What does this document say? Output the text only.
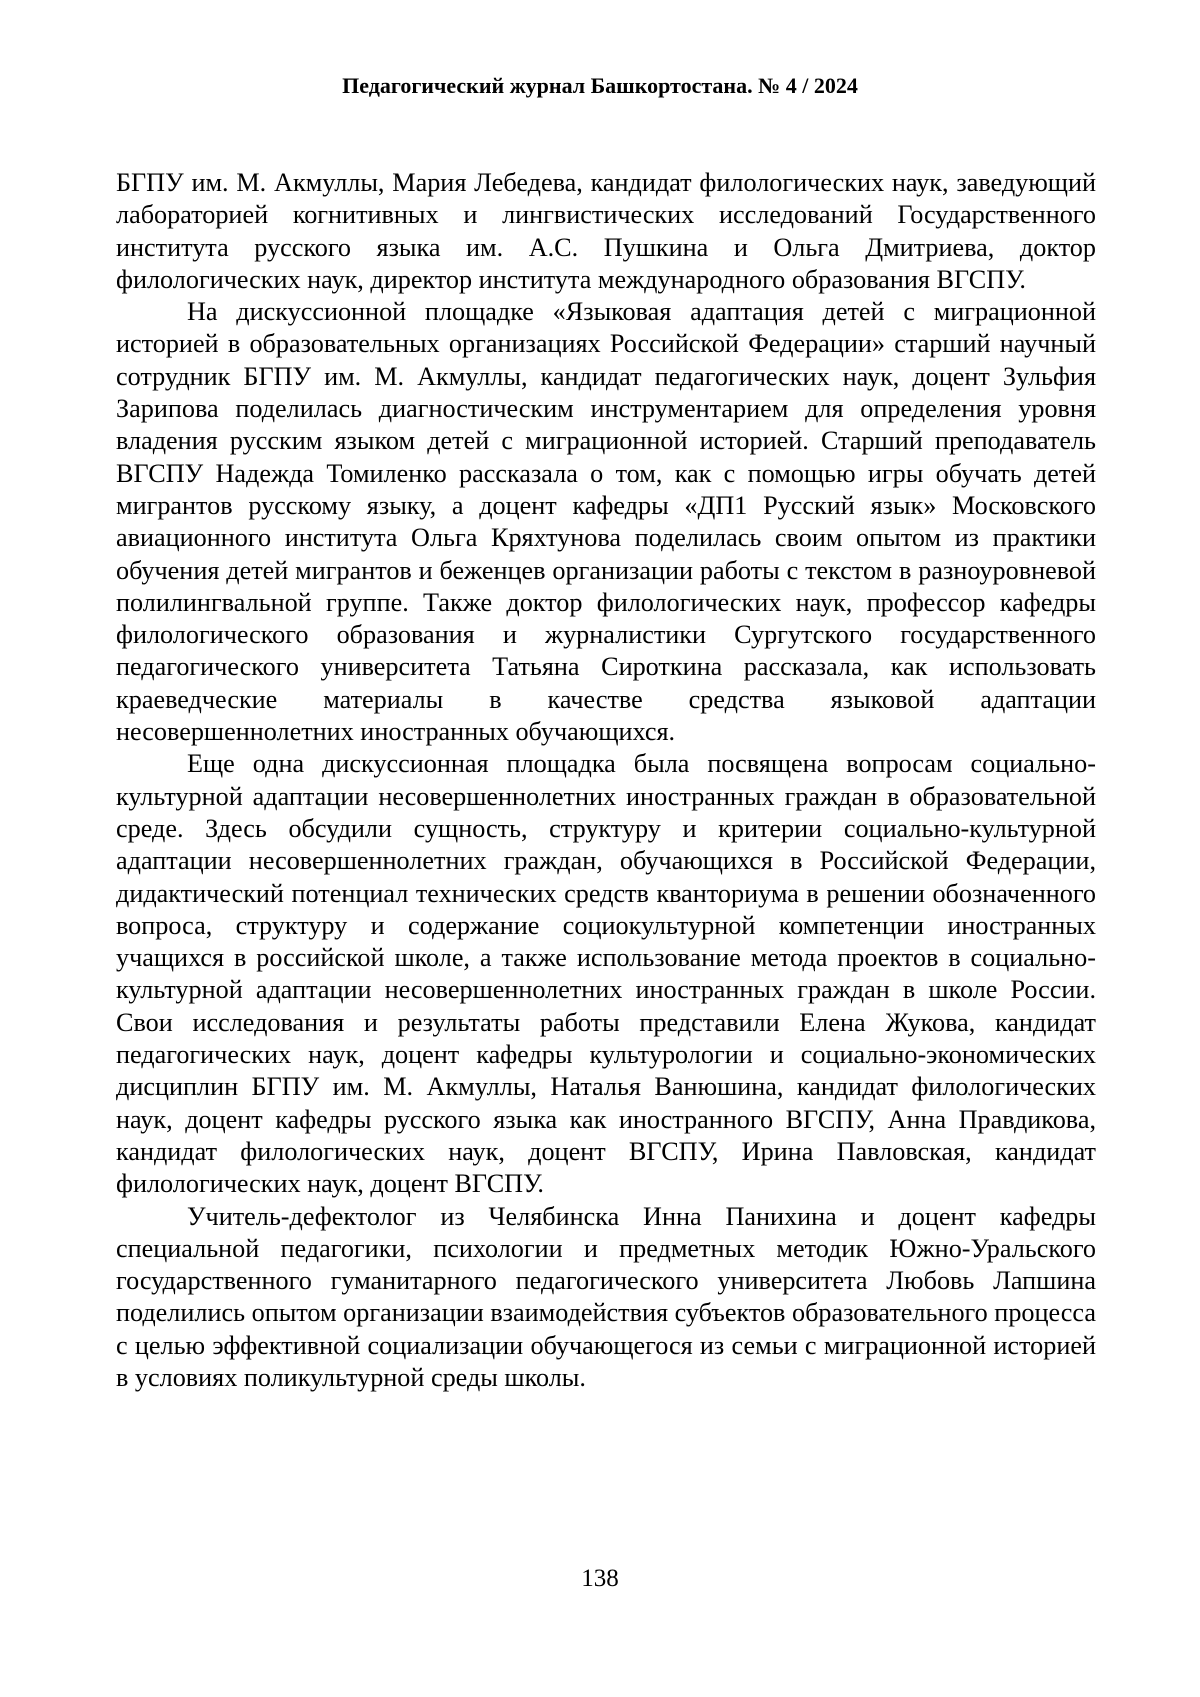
Педагогический журнал Башкортостана. № 4 / 2024

БГПУ им. М. Акмуллы, Мария Лебедева, кандидат филологических наук, заведующий лабораторией когнитивных и лингвистических исследований Государственного института русского языка им. А.С. Пушкина и Ольга Дмитриева, доктор филологических наук, директор института международного образования ВГСПУ.

На дискуссионной площадке «Языковая адаптация детей с миграционной историей в образовательных организациях Российской Федерации» старший научный сотрудник БГПУ им. М. Акмуллы, кандидат педагогических наук, доцент Зульфия Зарипова поделилась диагностическим инструментарием для определения уровня владения русским языком детей с миграционной историей. Старший преподаватель ВГСПУ Надежда Томиленко рассказала о том, как с помощью игры обучать детей мигрантов русскому языку, а доцент кафедры «ДП1 Русский язык» Московского авиационного института Ольга Кряхтунова поделилась своим опытом из практики обучения детей мигрантов и беженцев организации работы с текстом в разноуровневой полилингвальной группе. Также доктор филологических наук, профессор кафедры филологического образования и журналистики Сургутского государственного педагогического университета Татьяна Сироткина рассказала, как использовать краеведческие материалы в качестве средства языковой адаптации несовершеннолетних иностранных обучающихся.

Еще одна дискуссионная площадка была посвящена вопросам социально-культурной адаптации несовершеннолетних иностранных граждан в образовательной среде. Здесь обсудили сущность, структуру и критерии социально-культурной адаптации несовершеннолетних граждан, обучающихся в Российской Федерации, дидактический потенциал технических средств кванториума в решении обозначенного вопроса, структуру и содержание социокультурной компетенции иностранных учащихся в российской школе, а также использование метода проектов в социально-культурной адаптации несовершеннолетних иностранных граждан в школе России. Свои исследования и результаты работы представили Елена Жукова, кандидат педагогических наук, доцент кафедры культурологии и социально-экономических дисциплин БГПУ им. М. Акмуллы, Наталья Ванюшина, кандидат филологических наук, доцент кафедры русского языка как иностранного ВГСПУ, Анна Правдикова, кандидат филологических наук, доцент ВГСПУ, Ирина Павловская, кандидат филологических наук, доцент ВГСПУ.

Учитель-дефектолог из Челябинска Инна Панихина и доцент кафедры специальной педагогики, психологии и предметных методик Южно-Уральского государственного гуманитарного педагогического университета Любовь Лапшина поделились опытом организации взаимодействия субъектов образовательного процесса с целью эффективной социализации обучающегося из семьи с миграционной историей в условиях поликультурной среды школы.

138
